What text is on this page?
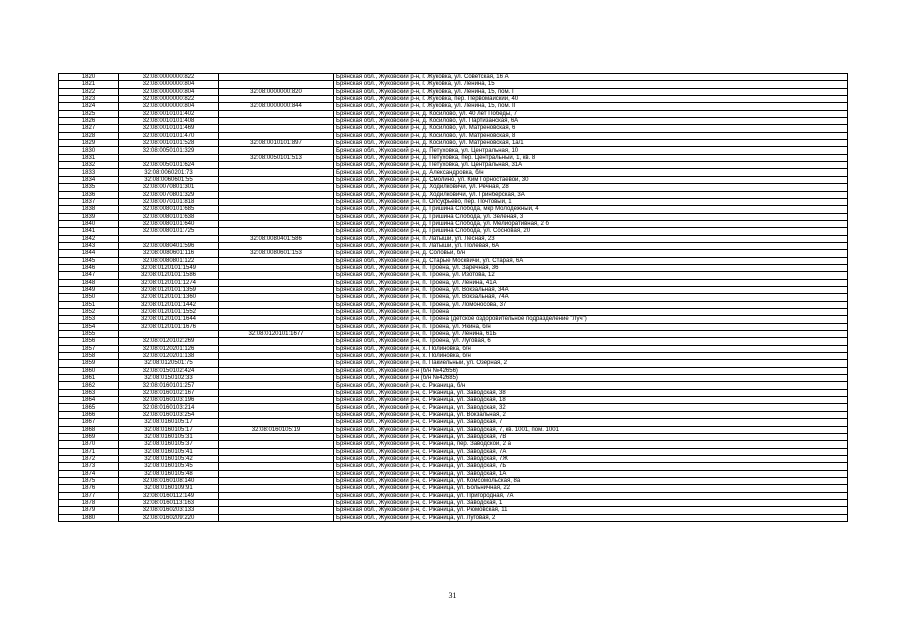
1820	32:08:0000000:822		Брянская обл., Жуковский р-н, г. Жуковка, ул. Советская, 16 А
1821	32:08:0000000:804		Брянская обл., Жуковский р-н, г. Жуковка, ул. Ленина, 15
1822	32:08:0000000:804	32:08:0000000:820	Брянская обл., Жуковский р-н, г. Жуковка, ул. Ленина, 15, пом. I
1823	32:08:0000000:822		Брянская обл., Жуковский р-н, г. Жуковка, пер. Первомайский, 40
1824	32:08:0000000:804	32:08:0000000:844	Брянская обл., Жуковский р-н, г. Жуковка, ул. Ленина, 15, пом. II
1825	32:08:0010101:402		Брянская обл., Жуковский р-н, д. Косилово, ул. 40 лет Победы, 7
1826	32:08:0010101:408		Брянская обл., Жуковский р-н, д. Косилово, ул. Партизанская, 6А
1827	32:08:0010101:469		Брянская обл., Жуковский р-н, д. Косилово, ул. Матреновская, 6
1828	32:08:0010101:470		Брянская обл., Жуковский р-н, д. Косилово, ул. Матреновская, 8
1829	32:08:0010101:528	32:08:0010101:897	Брянская обл., Жуковский р-н, д. Косилово, ул. Матреновская, 1а/1
1830	32:08:0050101:329		Брянская обл., Жуковский р-н, д. Петуховка, ул. Центральная, 10
1831		32:08:0050101:513	Брянская обл., Жуковский р-н, д. Петуховка, пер. Центральный, 1, кв. 8
1832	32:08:0050101:624		Брянская обл., Жуковский р-н, д. Петуховка, ул. Центральная, 31А
1833	32:08:0060201:73		Брянская обл., Жуковский р-н, д. Александровка, б/н
1834	32:08:0060601:55		Брянская обл., Жуковский р-н, д. Смолино, ул. Ким Горностаевой, 30
1835	32:08:0070801:301		Брянская обл., Жуковский р-н, д. Ходилковичи, ул. Речная, 28
1836	32:08:0070801:329		Брянская обл., Жуковский р-н, д. Ходилковичи, ул. Гринберская, 3А
1837	32:08:0070101:818		Брянская обл., Жуковский р-н, п. Олсуфьево, пер. Почтовый, 1
1838	32:08:0080101:685		Брянская обл., Жуковский р-н, д. Гришина Слобода, мкр Молодежный, 4
1839	32:08:0080101:638		Брянская обл., Жуковский р-н, д. Гришина Слобода, ул. Зеленая, 3
1840	32:08:0080101:640		Брянская обл., Жуковский р-н, д. Гришина Слобода, ул. Мелиоративная, 2 б
1841	32:08:0080101:725		Брянская обл., Жуковский р-н, д. Гришина Слобода, ул. Сосновая, 20
1842		32:08:0080401:586	Брянская обл., Жуковский р-н, п. Латыши, ул. Лесная, 23
1843	32:08:0080401:596		Брянская обл., Жуковский р-н, п. Латыши, ул. Полевая, 6А
1844	32:08:0080601:116	32:08:0080601:153	Брянская обл., Жуковский р-н, д. Соловьи, б/н
1845	32:08:0080801:122		Брянская обл., Жуковский р-н, д. Старые Москвичи, ул. Старая, 6А
1846	32:08:0120101:1549		Брянская обл., Жуковский р-н, п. Троена, ул. Заречная, 36
1847	32:08:0120101:1586		Брянская обл., Жуковский р-н, п. Троена, ул. Изотова, 12
1848	32:08:0120101:1274		Брянская обл., Жуковский р-н, п. Троена, ул. Ленина, 41А
1849	32:08:0120101:1359		Брянская обл., Жуковский р-н, п. Троена, ул. Вокзальная, 34А
1850	32:08:0120101:1360		Брянская обл., Жуковский р-н, п. Троена, ул. Вокзальная, 74А
1851	32:08:0120101:1442		Брянская обл., Жуковский р-н, п. Троена, ул. Ломоносова, 37
1852	32:08:0120101:1552		Брянская обл., Жуковский р-н, п. Троена
1853	32:08:0120101:1644		Брянская обл., Жуковский р-н, п. Троена (детское оздоровительное подразделение "Луч")
1854	32:08:0120101:1676		Брянская обл., Жуковский р-н, п. Троена, ул. Якина, б/н
1855		32:08:0120101:1677	Брянская обл., Жуковский р-н, п. Троена, ул. Ленина, 61Б
1856	32:08:0120102:269		Брянская обл., Жуковский р-н, п. Троена, ул. Луговая, 6
1857	32:08:0120201:126		Брянская обл., Жуковский р-н, х. Полиновка, б/н
1858	32:08:0120201:138		Брянская обл., Жуковский р-н, х. Полиновка, б/н
1859	32:08:0120501:75		Брянская обл., Жуковский р-н, п. Пакиельный, ул. Озерная, 2
1860	32:08:0150102:424		Брянская обл., Жуковский р-н (б/н №42656)
1861	32:08:0150102:33		Брянская обл., Жуковский р-н (б/н №42685)
1862	32:08:0160101:257		Брянская обл., Жуковский р-н, с. Ржаница, б/н
1863	32:08:0160102:167		Брянская обл., Жуковский р-н, с. Ржаница, ул. Заводская, 38
1864	32:08:0160103:196		Брянская обл., Жуковский р-н, с. Ржаница, ул. Заводская, 18
1865	32:08:0160103:214		Брянская обл., Жуковский р-н, с. Ржаница, ул. Заводская, 32
1866	32:08:0160103:254		Брянская обл., Жуковский р-н, с. Ржаница, ул. Вокзальная, 2
1867	32:08:0160105:17		Брянская обл., Жуковский р-н, с. Ржаница, ул. Заводская, 7
1868	32:08:0160105:17	32:08:0160105:19	Брянская обл., Жуковский р-н, с. Ржаница, ул. Заводская, 7, кв. 1001, пом. 1001
1869	32:08:0160105:31		Брянская обл., Жуковский р-н, с. Ржаница, ул. Заводская, 7В
1870	32:08:0160105:37		Брянская обл., Жуковский р-н, с. Ржаница, пер. Заводской, 2 а
1871	32:08:0160105:41		Брянская обл., Жуковский р-н, с. Ржаница, ул. Заводская, 7А
1872	32:08:0160105:42		Брянская обл., Жуковский р-н, с. Ржаница, ул. Заводская, 7Ж
1873	32:08:0160105:45		Брянская обл., Жуковский р-н, с. Ржаница, ул. Заводская, 7Б
1874	32:08:0160105:48		Брянская обл., Жуковский р-н, с. Ржаница, ул. Заводская, 1А
1875	32:08:0160108:140		Брянская обл., Жуковский р-н, с. Ржаница, ул. Комсомольская, 8а
1876	32:08:0160109:91		Брянская обл., Жуковский р-н, с. Ржаница, ул. Больничная, 22
1877	32:08:0160112:149		Брянская обл., Жуковский р-н, с. Ржаница, ул. Пригородная, 7А
1878	32:08:0160113:163		Брянская обл., Жуковский р-н, с. Ржаница, ул. Заводская, 1
1879	32:08:0160203:133		Брянская обл., Жуковский р-н, с. Ржаница, ул. Рюмовская, 11
1880	32:08:0160209:220		Брянская обл., Жуковский р-н, с. Ржаница, ул. Луговая, 2
31
